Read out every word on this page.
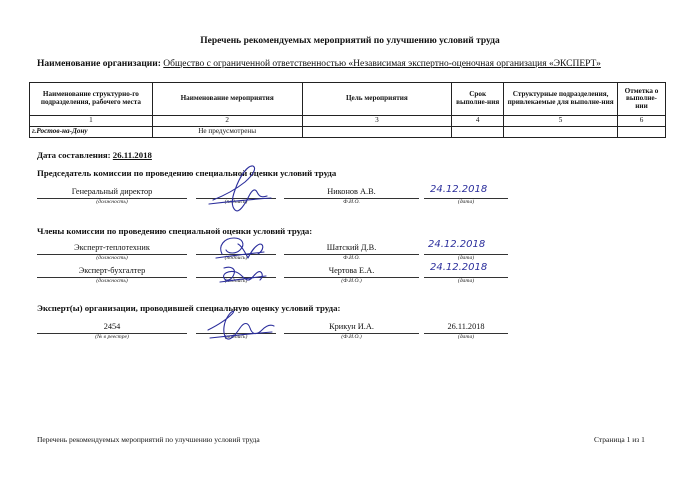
Перечень рекомендуемых мероприятий по улучшению условий труда
Наименование организации: Общество с ограниченной ответственностью «Независимая экспертно-оценочная организация «ЭКСПЕРТ»
Наименование структурно-го подразделения, рабочего места	Наименование мероприятия	Цель мероприятия	Срок выполне-ния	Структурные подразделения, привлекаемые для выполне-ния	Отметка о выполне-нии
1	2	3	4	5	6
г.Ростов-на-Дону	Не предусмотрены				
Дата составления: 26.11.2018
Председатель комиссии по проведению специальной оценки условий труда
Генеральный директор
(должность)	(подпись)
Никонов А.В.
Ф.И.О.
24.12.2018
(дата)
Члены комиссии по проведению специальной оценки условий труда:
Эксперт-теплотехник
(должность)	(подпись)
Шатский Д.В.
Ф.И.О.
24.12.2018
(дата)
Эксперт-бухгалтер
(должность)	(подпись)
Чертова Е.А.
(Ф.И.О.)
24.12.2018
(дата)
Эксперт(ы) организации, проводившей специальную оценку условий труда:
2454
(№ в реестре)	(подпись)
Крикун И.А.
(Ф.И.О.)
26.11.2018
(дата)
Перечень рекомендуемых мероприятий по улучшению условий труда	Страница 1 из 1
